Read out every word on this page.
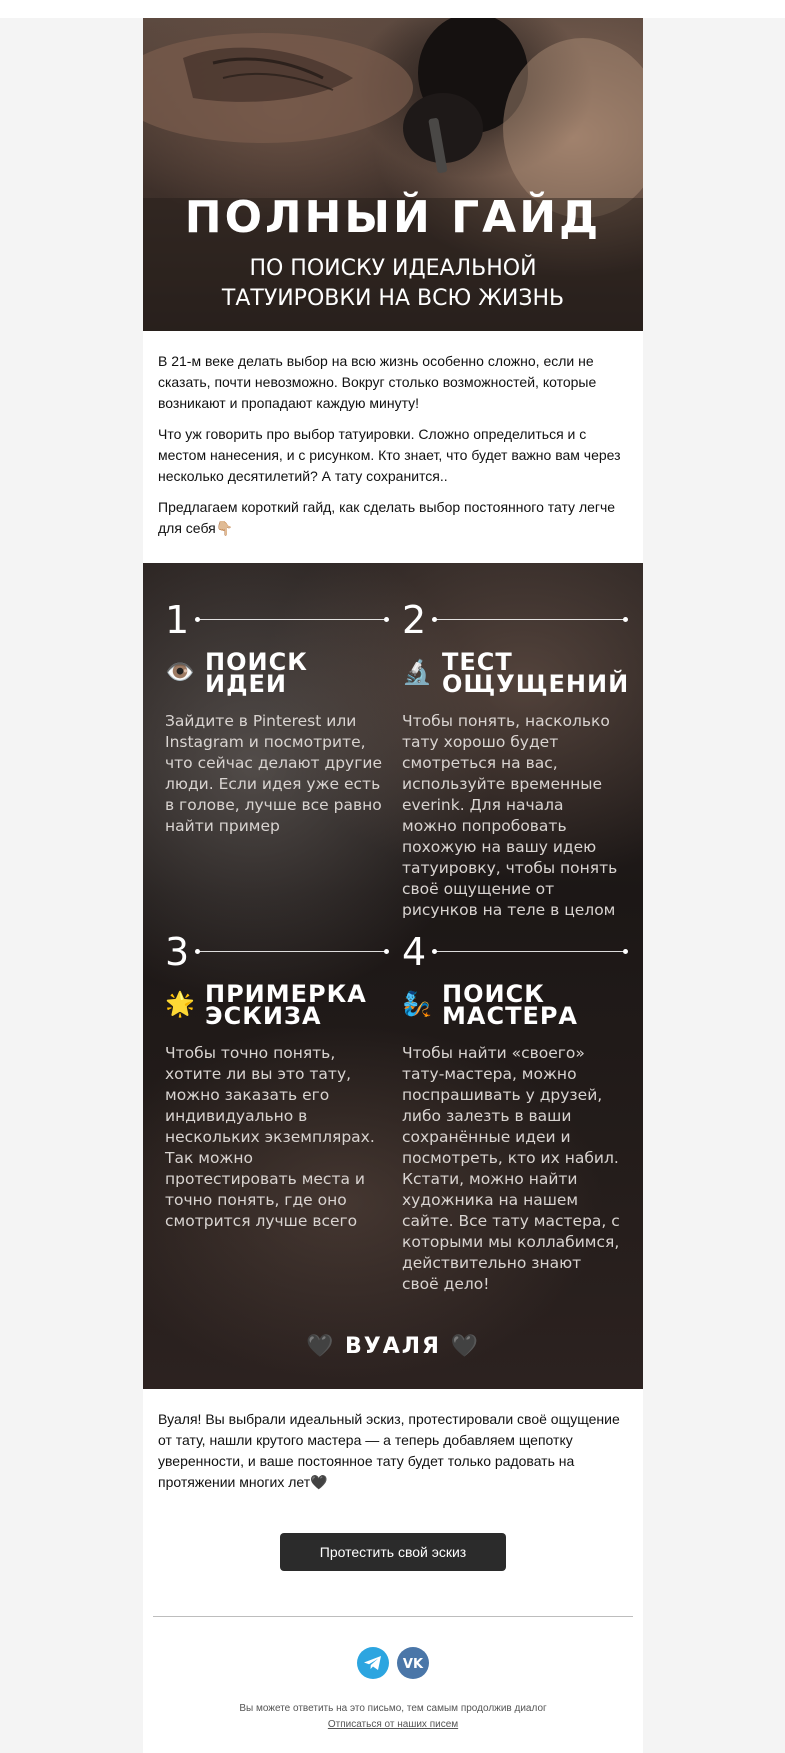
ПОЛНЫЙ ГАЙД
ПО ПОИСКУ ИДЕАЛЬНОЙ
ТАТУИРОВКИ НА ВСЮ ЖИЗНЬ

В 21-м веке делать выбор на всю жизнь особенно сложно, если не сказать, почти невозможно. Вокруг столько возможностей, которые возникают и пропадают каждую минуту!

Что уж говорить про выбор татуировки. Сложно определиться и с местом нанесения, и с рисунком. Кто знает, что будет важно вам через несколько десятилетий? А тату сохранится..

Предлагаем короткий гайд, как сделать выбор постоянного тату легче для себя👇🏼

1
👁️ ПОИСК
ИДЕИ
Зайдите в Pinterest или Instagram и посмотрите, что сейчас делают другие люди. Если идея уже есть в голове, лучше все равно найти пример
2
🔬 ТЕСТ
ОЩУЩЕНИЙ
Чтобы понять, насколько тату хорошо будет смотреться на вас, используйте временные everink. Для начала можно попробовать похожую на вашу идею татуировку, чтобы понять своё ощущение от рисунков на теле в целом
3
🌟 ПРИМЕРКА
ЭСКИЗА
Чтобы точно понять, хотите ли вы это тату, можно заказать его индивидуально в нескольких экземплярах. Так можно протестировать места и точно понять, где оно смотрится лучше всего
4
🧞 ПОИСК
МАСТЕРА
Чтобы найти «своего» тату-мастера, можно поспрашивать у друзей, либо залезть в ваши сохранённые идеи и посмотреть, кто их набил. Кстати, можно найти художника на нашем сайте. Все тату мастера, с которыми мы коллабимся, действительно знают своё дело!
🖤 ВУАЛЯ 🖤

Вуаля! Вы выбрали идеальный эскиз, протестировали своё ощущение от тату, нашли крутого мастера — а теперь добавляем щепотку уверенности, и ваше постоянное тату будет только радовать на протяжении многих лет🖤

Протестить свой эскиз

VK
Вы можете ответить на это письмо, тем самым продолжив диалог
Отписаться от наших писем
